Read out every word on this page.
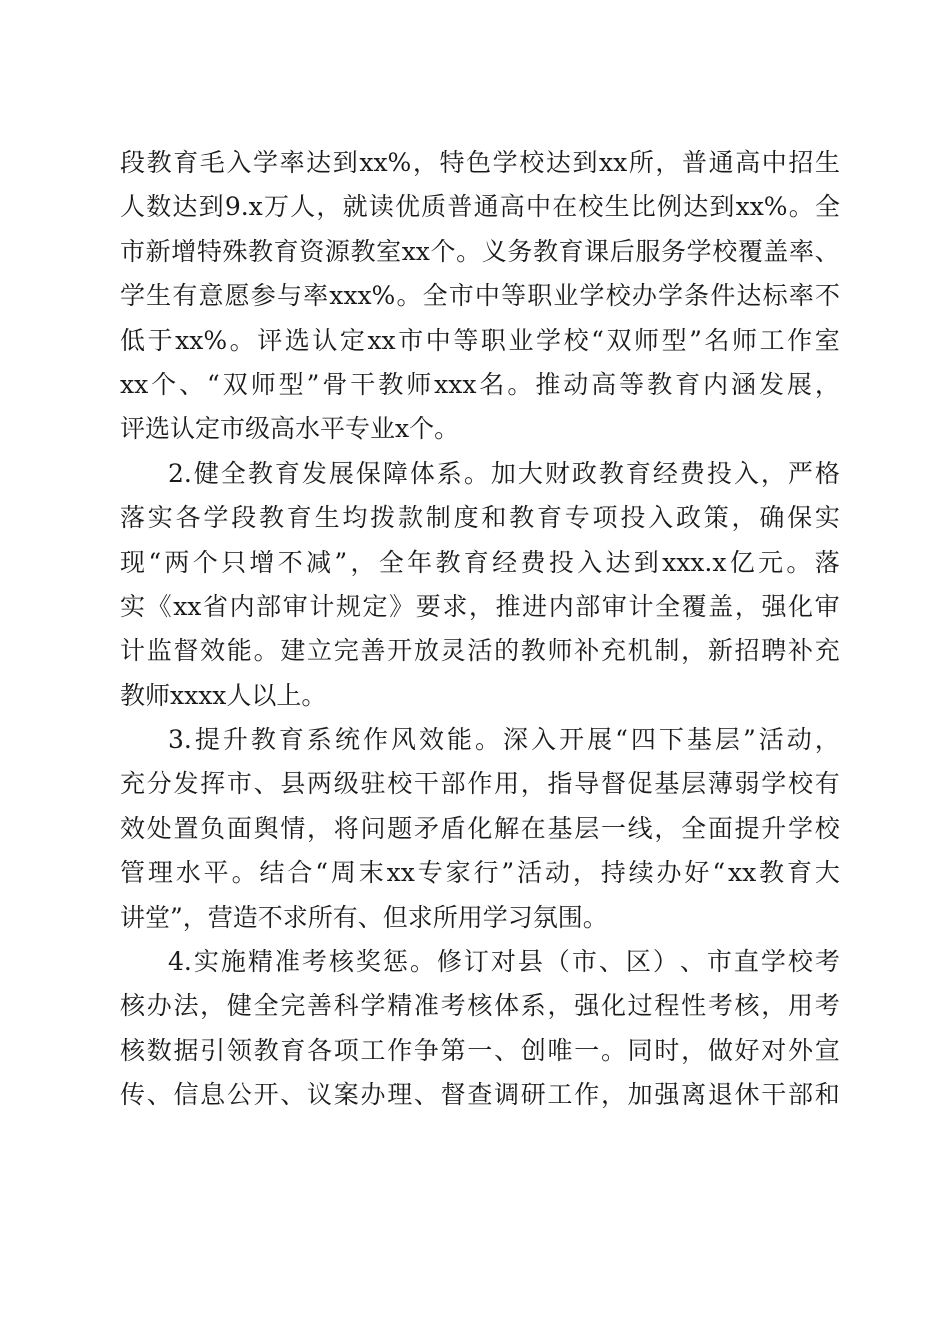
段 教 育 毛 入 学 率 达 到 xx% ， 特 色 学 校 达 到 xx 所 ， 普 通 高 中 招 生
人 数 达 到 9.x 万 人 ， 就 读 优 质 普 通 高 中 在 校 生 比 例 达 到 xx% 。 全
市 新 增 特 殊 教 育 资 源 教 室 xx 个 。 义 务 教 育 课 后 服 务 学 校 覆 盖 率 、
学 生 有 意 愿 参 与 率 xxx% 。 全 市 中 等 职 业 学 校 办 学 条 件 达 标 率 不
低 于 xx% 。 评 选 认 定 xx 市 中 等 职 业 学 校 “ 双 师 型 ” 名 师 工 作 室
xx 个 、 “ 双 师 型 ” 骨 干 教 师 xxx 名 。 推 动 高 等 教 育 内 涵 发 展 ，
评选认定市级高水平专业x个。
2. 健 全 教 育 发 展 保 障 体 系 。 加 大 财 政 教 育 经 费 投 入 ， 严 格
落 实 各 学 段 教 育 生 均 拨 款 制 度 和 教 育 专 项 投 入 政 策 ， 确 保 实
现 “ 两 个 只 增 不 减 ” ， 全 年 教 育 经 费 投 入 达 到 xxx.x 亿 元 。 落
实 《 xx 省 内 部 审 计 规 定 》 要 求 ， 推 进 内 部 审 计 全 覆 盖 ， 强 化 审
计 监 督 效 能 。 建 立 完 善 开 放 灵 活 的 教 师 补 充 机 制 ， 新 招 聘 补 充
教师xxxx人以上。
3. 提 升 教 育 系 统 作 风 效 能 。 深 入 开 展 “ 四 下 基 层 ” 活 动 ，
充 分 发 挥 市 、 县 两 级 驻 校 干 部 作 用 ， 指 导 督 促 基 层 薄 弱 学 校 有
效 处 置 负 面 舆 情 ， 将 问 题 矛 盾 化 解 在 基 层 一 线 ， 全 面 提 升 学 校
管 理 水 平 。 结 合 “ 周 末 xx 专 家 行 ” 活 动 ， 持 续 办 好 “ xx 教 育 大
讲堂”，营造不求所有、但求所用学习氛围。
4. 实 施 精 准 考 核 奖 惩 。 修 订 对 县 （ 市 、 区 ） 、 市 直 学 校 考
核 办 法 ， 健 全 完 善 科 学 精 准 考 核 体 系 ， 强 化 过 程 性 考 核 ， 用 考
核 数 据 引 领 教 育 各 项 工 作 争 第 一 、 创 唯 一 。 同 时 ， 做 好 对 外 宣
传 、 信 息 公 开 、 议 案 办 理 、 督 查 调 研 工 作 ， 加 强 离 退 休 干 部 和
